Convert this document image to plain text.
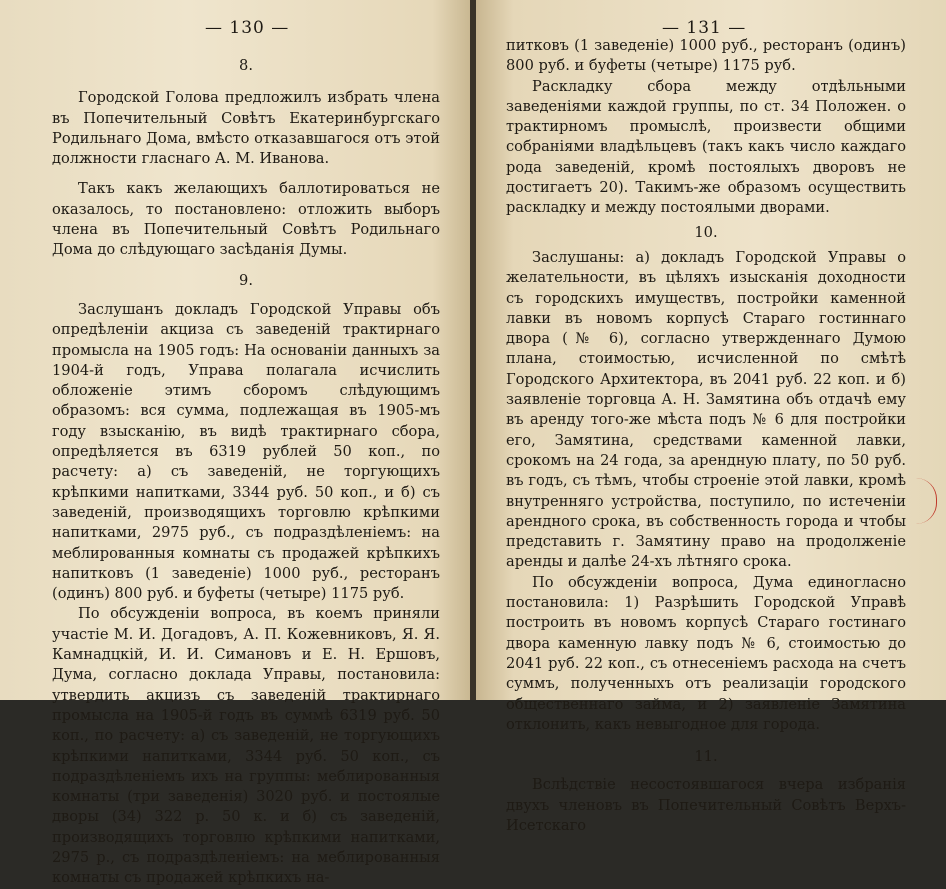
— 130 —
8.

Городской Голова предложилъ избрать члена въ Попечительный Совѣтъ Екатеринбургскаго Родильнаго Дома, вмѣсто отказавшагося отъ этой должности гласнаго А. М. Иванова.

Такъ какъ желающихъ баллотироваться не оказалось, то постановлено: отложить выборъ члена въ Попечительный Совѣтъ Родильнаго Дома до слѣдующаго засѣданія Думы.

9.

Заслушанъ докладъ Городской Управы объ опредѣленіи акциза съ заведеній трактирнаго промысла на 1905 годъ: На основаніи данныхъ за 1904-й годъ, Управа полагала исчислить обложеніе этимъ сборомъ слѣдующимъ образомъ: вся сумма, подлежащая въ 1905-мъ году взысканію, въ видѣ трактирнаго сбора, опредѣляется въ 6319 рублей 50 коп., по расчету: а) съ заведеній, не торгующихъ крѣпкими напитками, 3344 руб. 50 коп., и б) съ заведеній, производящихъ торговлю крѣпкими напитками, 2975 руб., съ подраздѣленіемъ: на меблированныя комнаты съ продажей крѣпкихъ напитковъ (1 заведеніе) 1000 руб., ресторанъ (одинъ) 800 руб. и буфеты (четыре) 1175 руб.

По обсужденіи вопроса, въ коемъ приняли участіе М. И. Догадовъ, А. П. Кожевниковъ, Я. Я. Камнадцкій, И. И. Симановъ и Е. Н. Ершовъ, Дума, согласно доклада Управы, постановила: утвердить акцизъ съ заведеній трактирнаго промысла на 1905-й годъ въ суммѣ 6319 руб. 50 коп., по расчету: а) съ заведеній, не торгующихъ крѣпкими напитками, 3344 руб. 50 коп., съ подраздѣленіемъ ихъ на группы: меблированныя комнаты (три заведенія) 3020 руб. и постоялые дворы (34) 322 р. 50 к. и б) съ заведеній, производящихъ торговлю крѣпкими напитками, 2975 р., съ подраздѣленіемъ: на меблированныя комнаты съ продажей крѣпкихъ на-

— 131 —

питковъ (1 заведеніе) 1000 руб., ресторанъ (одинъ) 800 руб. и буфеты (четыре) 1175 руб.

Раскладку сбора между отдѣльными заведеніями каждой группы, по ст. 34 Положен. о трактирномъ промыслѣ, произвести общими собраніями владѣльцевъ (такъ какъ число каждаго рода заведеній, кромѣ постоялыхъ дворовъ не достигаетъ 20). Такимъ-же образомъ осуществить раскладку и между постоялыми дворами.

10.

Заслушаны: а) докладъ Городской Управы о желательности, въ цѣляхъ изысканія доходности съ городскихъ имуществъ, постройки каменной лавки въ новомъ корпусѣ Стараго гостиннаго двора (№ 6), согласно утвержденнаго Думою плана, стоимостью, исчисленной по смѣтѣ Городского Архитектора, въ 2041 руб. 22 коп. и б) заявленіе торговца А. Н. Замятина объ отдачѣ ему въ аренду того-же мѣста подъ № 6 для постройки его, Замятина, средствами каменной лавки, срокомъ на 24 года, за арендную плату, по 50 руб. въ годъ, съ тѣмъ, чтобы строеніе этой лавки, кромѣ внутренняго устройства, поступило, по истеченіи арендного срока, въ собственность города и чтобы представить г. Замятину право на продолженіе аренды и далѣе 24-хъ лѣтняго срока.

По обсужденіи вопроса, Дума единогласно постановила: 1) Разрѣшить Городской Управѣ построить въ новомъ корпусѣ Стараго гостинаго двора каменную лавку подъ № 6, стоимостью до 2041 руб. 22 коп., съ отнесеніемъ расхода на счетъ суммъ, полученныхъ отъ реализаціи городского общественнаго займа, и 2) заявленіе Замятина отклонить, какъ невыгодное для города.

11.

Вслѣдствіе несостоявшагося вчера избранія двухъ членовъ въ Попечительный Совѣтъ Верхъ-Исетскаго
